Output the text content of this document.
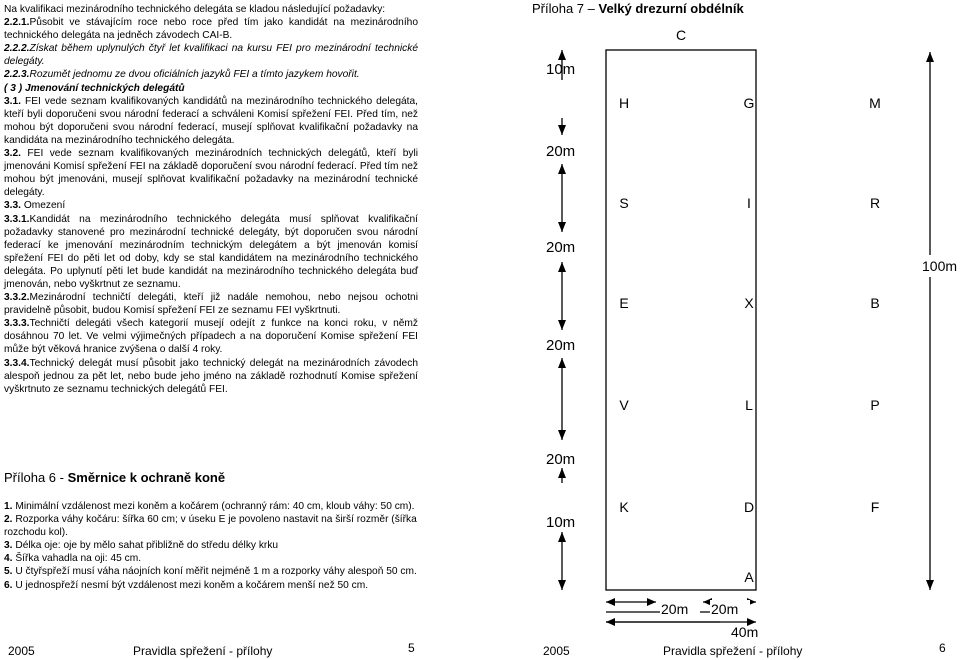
Na kvalifikaci mezinárodního technického delegáta se kladou následující požadavky:

2.2.1.Působit ve stávajícím roce nebo roce před tím jako kandidát na mezinárodního technického delegáta na jedněch závodech CAI-B.

2.2.2.Získat během uplynulých čtyř let kvalifikaci na kursu FEI pro mezinárodní technické delegáty.

2.2.3.Rozumět jednomu ze dvou oficiálních jazyků FEI a tímto jazykem hovořit.

( 3 ) Jmenování technických delegátů

3.1. FEI vede seznam kvalifikovaných kandidátů na mezinárodního technického delegáta, kteří byli doporučeni svou národní federací a schváleni Komisí spřežení FEI. Před tím, než mohou být doporučeni svou národní federací, musejí splňovat kvalifikační požadavky na kandidáta na mezinárodního technického delegáta.

3.2. FEI vede seznam kvalifikovaných mezinárodních technických delegátů, kteří byli jmenováni Komisí spřežení FEI na základě doporučení svou národní federací. Před tím než mohou být jmenováni, musejí splňovat kvalifikační požadavky na mezinárodní technické delegáty.

3.3. Omezení

3.3.1.Kandidát na mezinárodního technického delegáta musí splňovat kvalifikační požadavky stanovené pro mezinárodní technické delegáty, být doporučen svou národní federací ke jmenování mezinárodním technickým delegátem a být jmenován komisí spřežení FEI do pěti let od doby, kdy se stal kandidátem na mezinárodního technického delegáta. Po uplynutí pěti let bude kandidát na mezinárodního technického delegáta buď jmenován, nebo vyškrtnut ze seznamu.

3.3.2.Mezinárodní techničtí delegáti, kteří již nadále nemohou, nebo nejsou ochotni pravidelně působit, budou Komisí spřežení FEI ze seznamu FEI vyškrtnuti.

3.3.3.Techničtí delegáti všech kategorií musejí odejít z funkce na konci roku, v němž dosáhnou 70 let. Ve velmi výjimečných případech a na doporučení Komise spřežení FEI může být věková hranice zvýšena o další 4 roky.

3.3.4.Technický delegát musí působit jako technický delegát na mezinárodních závodech alespoň jednou za pět let, nebo bude jeho jméno na základě rozhodnutí Komise spřežení vyškrtnuto ze seznamu technických delegátů FEI.

Příloha 6 - Směrnice k ochraně koně

1. Minimální vzdálenost mezi koněm a kočárem (ochranný rám: 40 cm, kloub váhy: 50 cm).

2. Rozporka váhy kočáru: šířka 60 cm; v úseku E je povoleno nastavit na širší rozměr (šířka rozchodu kol).

3. Délka oje: oje by mělo sahat přibližně do středu délky krku

4. Šířka vahadla na oji: 45 cm.

5. U čtyřspřeží musí váha náojních koní měřit nejméně 1 m a rozporky váhy alespoň 50 cm.

6. U jednospřeží nesmí být vzdálenost mezi koněm a kočárem menší než 50 cm.

2005	Pravidla spřežení - přílohy	5	2005	Pravidla spřežení - přílohy	6
Příloha 7 – Velký drezurní obdélník
10m
20m
20m
20m
20m
10m
100m
20m 20m
40m
C
H	G	M
S	I	R
E	X	B
V	L	P
K	D	F
A
